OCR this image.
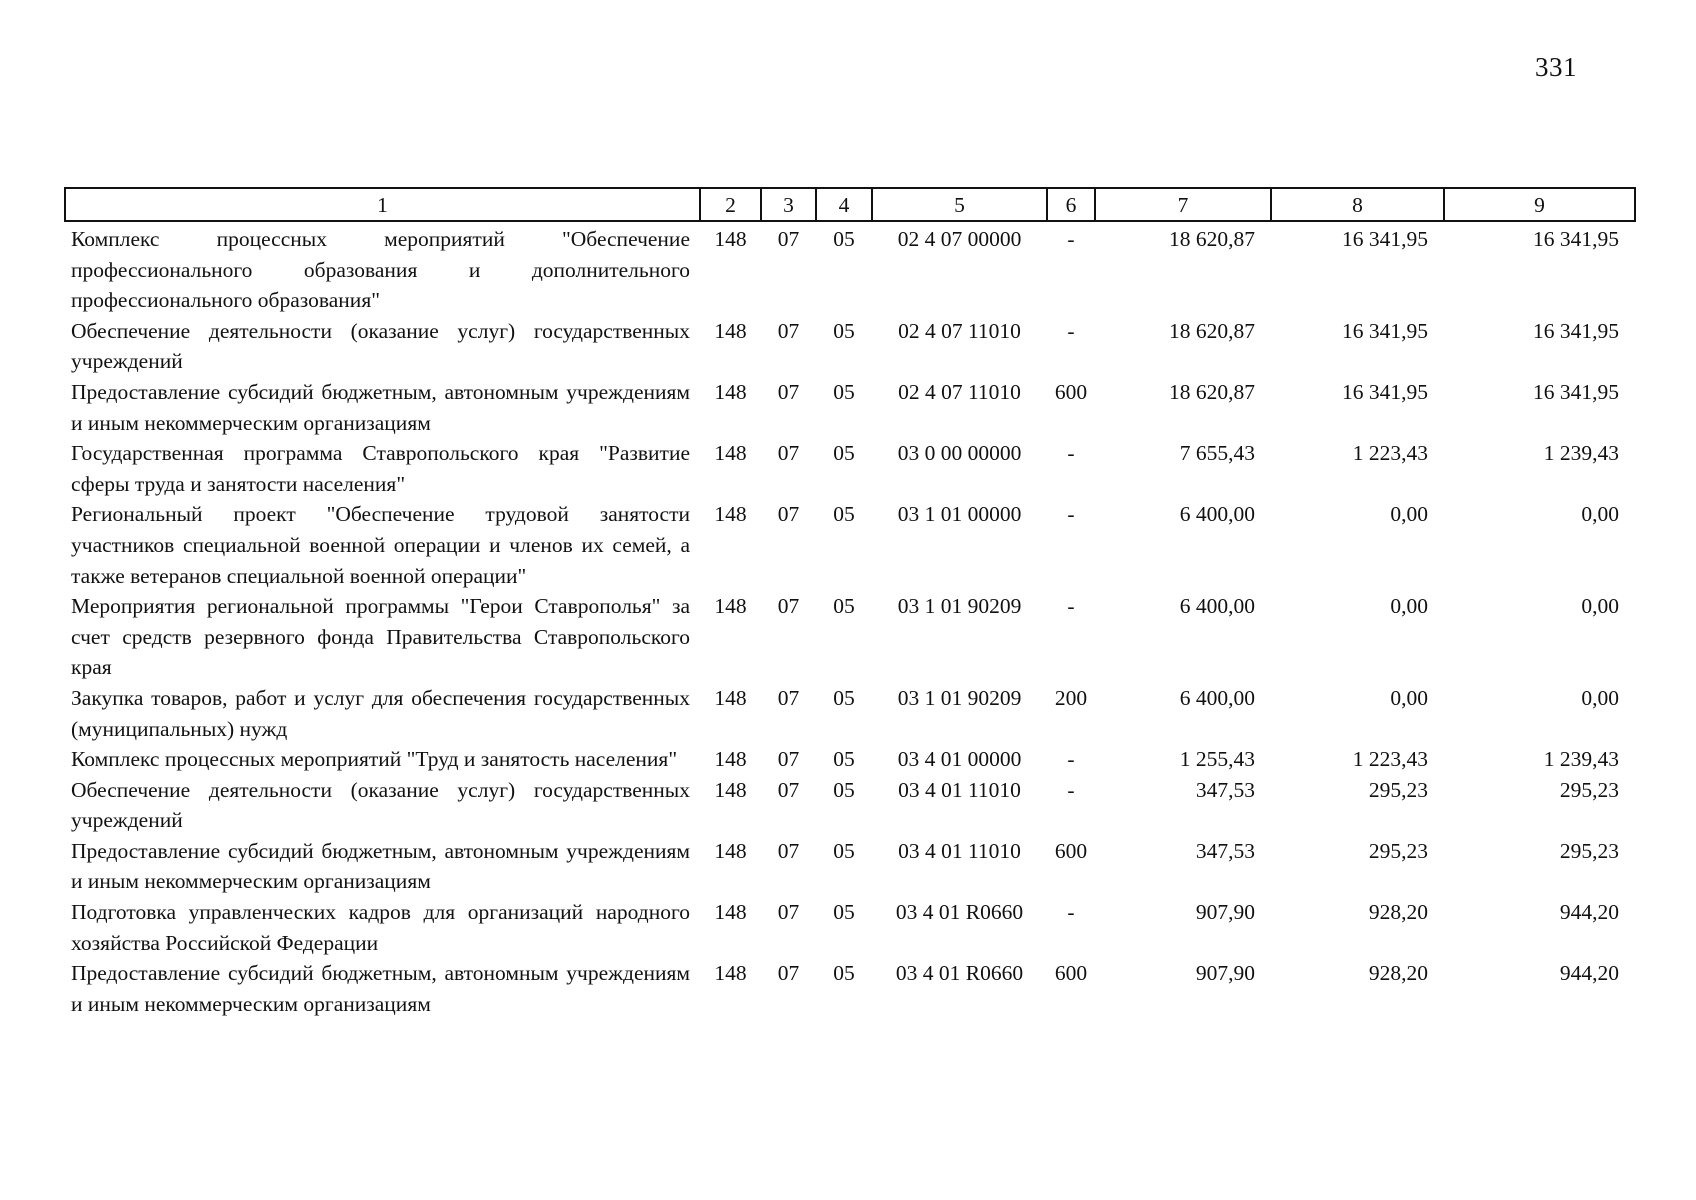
331
1	2	3	4	5	6	7	8	9
Комплекс процессных мероприятий "Обеспечение профессионального образования и дополнительного профессионального образования"	148	07	05	02 4 07 00000	-	18 620,87	16 341,95	16 341,95
Обеспечение деятельности (оказание услуг) государственных учреждений	148	07	05	02 4 07 11010	-	18 620,87	16 341,95	16 341,95
Предоставление субсидий бюджетным, автономным учреждениям и иным некоммерческим организациям	148	07	05	02 4 07 11010	600	18 620,87	16 341,95	16 341,95
Государственная программа Ставропольского края "Развитие сферы труда и занятости населения"	148	07	05	03 0 00 00000	-	7 655,43	1 223,43	1 239,43
Региональный проект "Обеспечение трудовой занятости участников специальной военной операции и членов их семей, а также ветеранов специальной военной операции"	148	07	05	03 1 01 00000	-	6 400,00	0,00	0,00
Мероприятия региональной программы "Герои Ставрополья" за счет средств резервного фонда Правительства Ставропольского края	148	07	05	03 1 01 90209	-	6 400,00	0,00	0,00
Закупка товаров, работ и услуг для обеспечения государственных (муниципальных) нужд	148	07	05	03 1 01 90209	200	6 400,00	0,00	0,00
Комплекс процессных мероприятий "Труд и занятость населения"	148	07	05	03 4 01 00000	-	1 255,43	1 223,43	1 239,43
Обеспечение деятельности (оказание услуг) государственных учреждений	148	07	05	03 4 01 11010	-	347,53	295,23	295,23
Предоставление субсидий бюджетным, автономным учреждениям и иным некоммерческим организациям	148	07	05	03 4 01 11010	600	347,53	295,23	295,23
Подготовка управленческих кадров для организаций народного хозяйства Российской Федерации	148	07	05	03 4 01 R0660	-	907,90	928,20	944,20
Предоставление субсидий бюджетным, автономным учреждениям и иным некоммерческим организациям	148	07	05	03 4 01 R0660	600	907,90	928,20	944,20
